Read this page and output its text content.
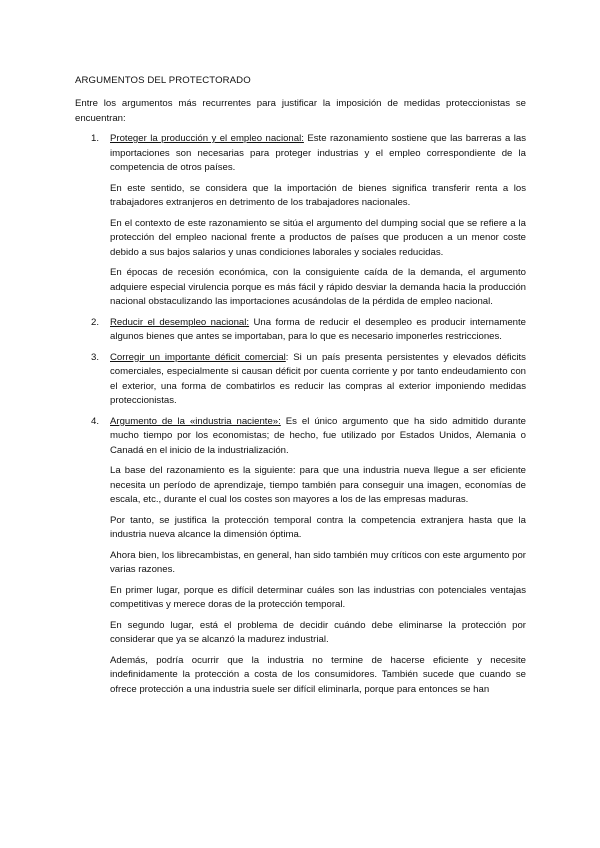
ARGUMENTOS DEL PROTECTORADO

Entre los argumentos más recurrentes para justificar la imposición de medidas proteccionistas se encuentran:

1. Proteger la producción y el empleo nacional: Este razonamiento sostiene que las barreras a las importaciones son necesarias para proteger industrias y el empleo correspondiente de la competencia de otros países.

En este sentido, se considera que la importación de bienes significa transferir renta a los trabajadores extranjeros en detrimento de los trabajadores nacionales.

En el contexto de este razonamiento se sitúa el argumento del dumping social que se refiere a la protección del empleo nacional frente a productos de países que producen a un menor coste debido a sus bajos salarios y unas condiciones laborales y sociales reducidas.

En épocas de recesión económica, con la consiguiente caída de la demanda, el argumento adquiere especial virulencia porque es más fácil y rápido desviar la demanda hacia la producción nacional obstaculizando las importaciones acusándolas de la pérdida de empleo nacional.

2. Reducir el desempleo nacional: Una forma de reducir el desempleo es producir internamente algunos bienes que antes se importaban, para lo que es necesario imponerles restricciones.

3. Corregir un importante déficit comercial: Si un país presenta persistentes y elevados déficits comerciales, especialmente si causan déficit por cuenta corriente y por tanto endeudamiento con el exterior, una forma de combatirlos es reducir las compras al exterior imponiendo medidas proteccionistas.

4. Argumento de la «industria naciente»: Es el único argumento que ha sido admitido durante mucho tiempo por los economistas; de hecho, fue utilizado por Estados Unidos, Alemania o Canadá en el inicio de la industrialización.

La base del razonamiento es la siguiente: para que una industria nueva llegue a ser eficiente necesita un período de aprendizaje, tiempo también para conseguir una imagen, economías de escala, etc., durante el cual los costes son mayores a los de las empresas maduras.

Por tanto, se justifica la protección temporal contra la competencia extranjera hasta que la industria nueva alcance la dimensión óptima.

Ahora bien, los librecambistas, en general, han sido también muy críticos con este argumento por varias razones.

En primer lugar, porque es difícil determinar cuáles son las industrias con potenciales ventajas competitivas y merece doras de la protección temporal.

En segundo lugar, está el problema de decidir cuándo debe eliminarse la protección por considerar que ya se alcanzó la madurez industrial.

Además, podría ocurrir que la industria no termine de hacerse eficiente y necesite indefinidamente la protección a costa de los consumidores. También sucede que cuando se ofrece protección a una industria suele ser difícil eliminarla, porque para entonces se han
